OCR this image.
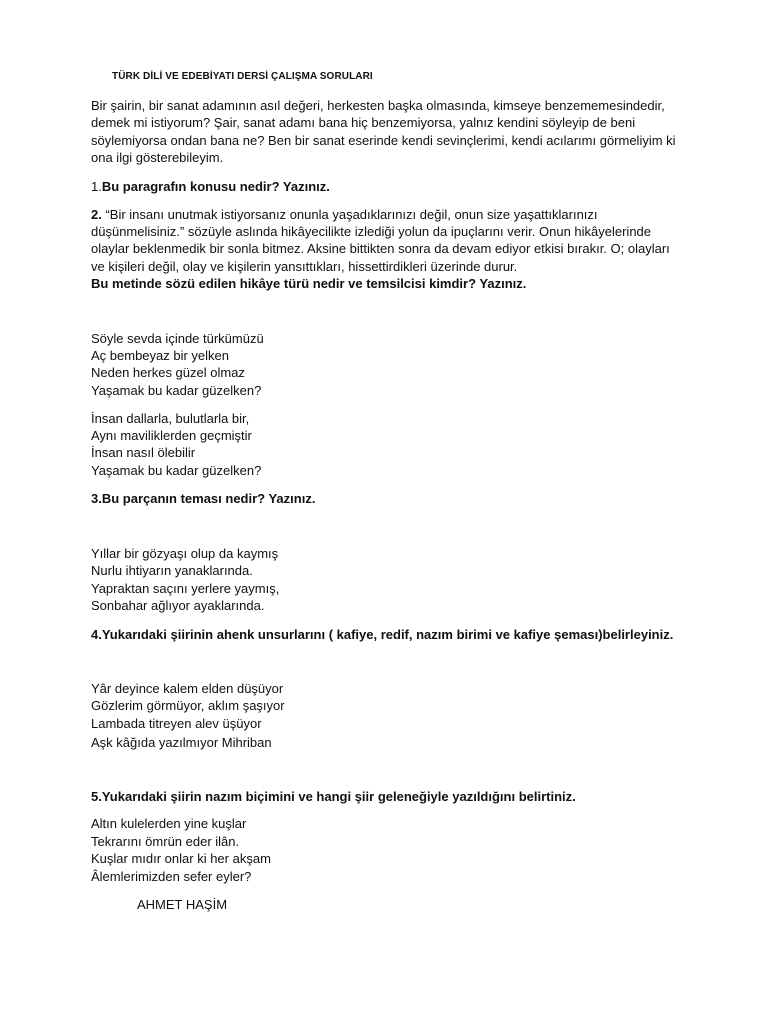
TÜRK DİLİ VE EDEBİYATI DERSİ ÇALIŞMA SORULARI
Bir şairin, bir sanat adamının asıl değeri, herkesten başka olmasında, kimseye benzememesindedir,
demek mi istiyorum? Şair, sanat adamı bana hiç benzemiyorsa, yalnız kendini söyleyip de beni
söylemiyorsa ondan bana ne? Ben bir sanat eserinde kendi sevinçlerimi, kendi acılarımı görmeliyim ki
ona ilgi gösterebileyim.
1.Bu paragrafın konusu nedir? Yazınız.
2. “Bir insanı unutmak istiyorsanız onunla yaşadıklarınızı değil, onun size yaşattıklarınızı
düşünmelisiniz.” sözüyle aslında hikâyecilikte izlediği yolun da ipuçlarını verir. Onun hikâyelerinde
olaylar beklenmedik bir sonla bitmez. Aksine bittikten sonra da devam ediyor etkisi bırakır. O; olayları
ve kişileri değil, olay ve kişilerin yansıttıkları, hissettirdikleri üzerinde durur.
Bu metinde sözü edilen hikâye türü nedir ve temsilcisi kimdir? Yazınız.
Söyle sevda içinde türkümüzü
Aç bembeyaz bir yelken
Neden herkes güzel olmaz
Yaşamak bu kadar güzelken?
İnsan dallarla, bulutlarla bir,
Aynı maviliklerden geçmiştir
İnsan nasıl ölebilir
Yaşamak bu kadar güzelken?
3.Bu parçanın teması nedir? Yazınız.
Yıllar bir gözyaşı olup da kaymış
Nurlu ihtiyarın yanaklarında.
Yapraktan saçını yerlere yaymış,
Sonbahar ağlıyor ayaklarında.
4.Yukarıdaki şiirinin ahenk unsurlarını ( kafiye, redif, nazım birimi ve kafiye şeması)belirleyiniz.
Yâr deyince kalem elden düşüyor
Gözlerim görmüyor, aklım şaşıyor
Lambada titreyen alev üşüyor
Aşk kâğıda yazılmıyor Mihriban
5.Yukarıdaki şiirin nazım biçimini ve hangi şiir geleneğiyle yazıldığını belirtiniz.
Altın kulelerden yine kuşlar
Tekrarını ömrün eder ilân.
Kuşlar mıdır onlar ki her akşam
Âlemlerimizden sefer eyler?
AHMET HAŞİM
